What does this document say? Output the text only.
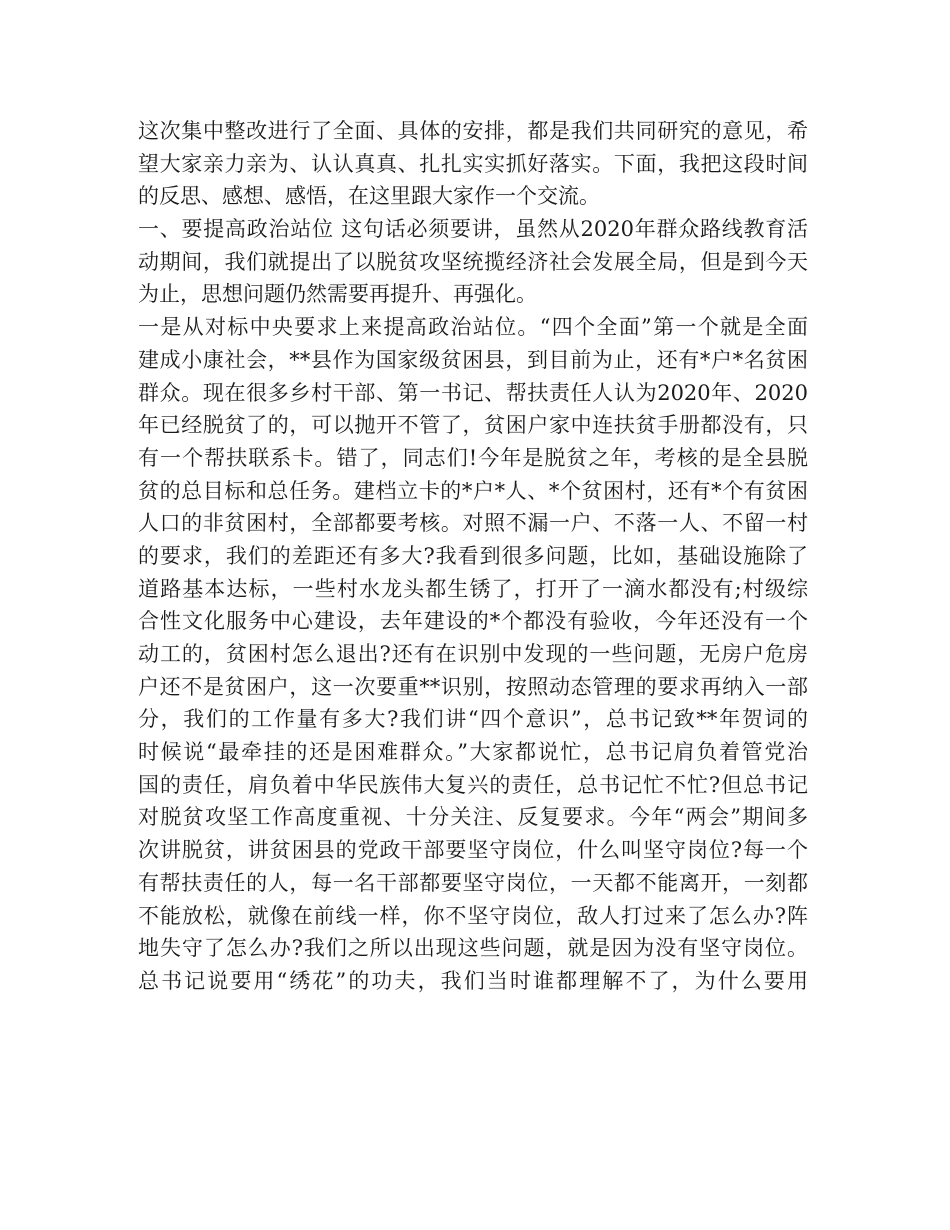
这次集中整改进行了全面、具体的安排，都是我们共同研究的意见，希
望大家亲力亲为、认认真真、扎扎实实抓好落实。下面，我把这段时间
的反思、感想、感悟，在这里跟大家作一个交流。
一、要提高政治站位 这句话必须要讲，虽然从2020年群众路线教育活
动期间，我们就提出了以脱贫攻坚统揽经济社会发展全局，但是到今天
为止，思想问题仍然需要再提升、再强化。
一是从对标中央要求上来提高政治站位。“四个全面”第一个就是全面
建成小康社会，**县作为国家级贫困县，到目前为止，还有*户*名贫困
群众。现在很多乡村干部、第一书记、帮扶责任人认为2020年、2020
年已经脱贫了的，可以抛开不管了，贫困户家中连扶贫手册都没有，只
有一个帮扶联系卡。错了，同志们!今年是脱贫之年，考核的是全县脱
贫的总目标和总任务。建档立卡的*户*人、*个贫困村，还有*个有贫困
人口的非贫困村，全部都要考核。对照不漏一户、不落一人、不留一村
的要求，我们的差距还有多大?我看到很多问题，比如，基础设施除了
道路基本达标，一些村水龙头都生锈了，打开了一滴水都没有;村级综
合性文化服务中心建设，去年建设的*个都没有验收，今年还没有一个
动工的，贫困村怎么退出?还有在识别中发现的一些问题，无房户危房
户还不是贫困户，这一次要重**识别，按照动态管理的要求再纳入一部
分，我们的工作量有多大?我们讲“四个意识”，总书记致**年贺词的
时候说“最牵挂的还是困难群众。”大家都说忙，总书记肩负着管党治
国的责任，肩负着中华民族伟大复兴的责任，总书记忙不忙?但总书记
对脱贫攻坚工作高度重视、十分关注、反复要求。今年“两会”期间多
次讲脱贫，讲贫困县的党政干部要坚守岗位，什么叫坚守岗位?每一个
有帮扶责任的人，每一名干部都要坚守岗位，一天都不能离开，一刻都
不能放松，就像在前线一样，你不坚守岗位，敌人打过来了怎么办?阵
地失守了怎么办?我们之所以出现这些问题，就是因为没有坚守岗位。
总书记说要用“绣花”的功夫，我们当时谁都理解不了，为什么要用
